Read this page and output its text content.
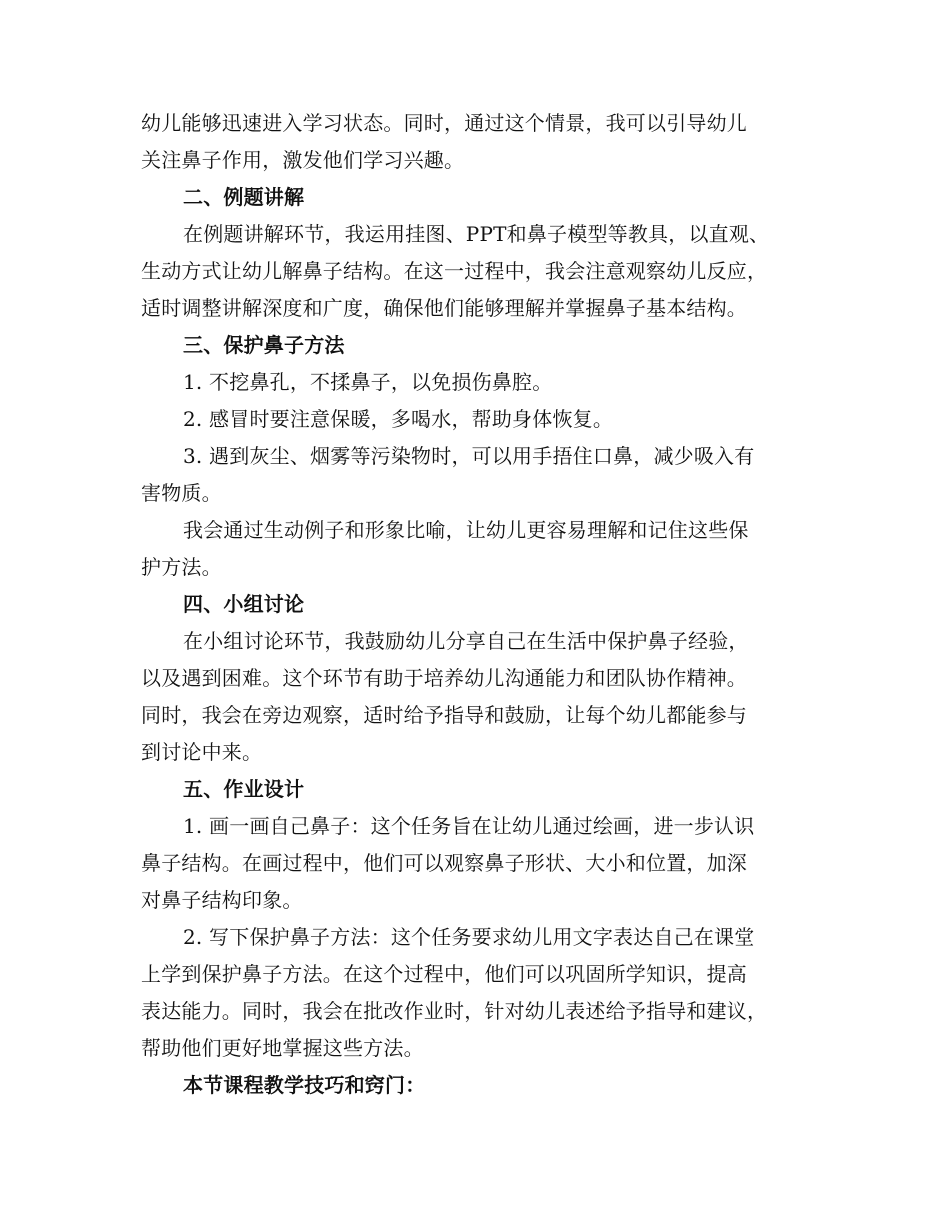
幼儿能够迅速进入学习状态。同时，通过这个情景，我可以引导幼儿
关注鼻子作用，激发他们学习兴趣。
二、例题讲解
在例题讲解环节，我运用挂图、PPT和鼻子模型等教具，以直观、
生动方式让幼儿解鼻子结构。在这一过程中，我会注意观察幼儿反应，
适时调整讲解深度和广度，确保他们能够理解并掌握鼻子基本结构。
三、保护鼻子方法
1. 不挖鼻孔，不揉鼻子，以免损伤鼻腔。
2. 感冒时要注意保暖，多喝水，帮助身体恢复。
3. 遇到灰尘、烟雾等污染物时，可以用手捂住口鼻，减少吸入有
害物质。
我会通过生动例子和形象比喻，让幼儿更容易理解和记住这些保
护方法。
四、小组讨论
在小组讨论环节，我鼓励幼儿分享自己在生活中保护鼻子经验，
以及遇到困难。这个环节有助于培养幼儿沟通能力和团队协作精神。
同时，我会在旁边观察，适时给予指导和鼓励，让每个幼儿都能参与
到讨论中来。
五、作业设计
1. 画一画自己鼻子：这个任务旨在让幼儿通过绘画，进一步认识
鼻子结构。在画过程中，他们可以观察鼻子形状、大小和位置，加深
对鼻子结构印象。
2. 写下保护鼻子方法：这个任务要求幼儿用文字表达自己在课堂
上学到保护鼻子方法。在这个过程中，他们可以巩固所学知识，提高
表达能力。同时，我会在批改作业时，针对幼儿表述给予指导和建议，
帮助他们更好地掌握这些方法。
本节课程教学技巧和窍门：
